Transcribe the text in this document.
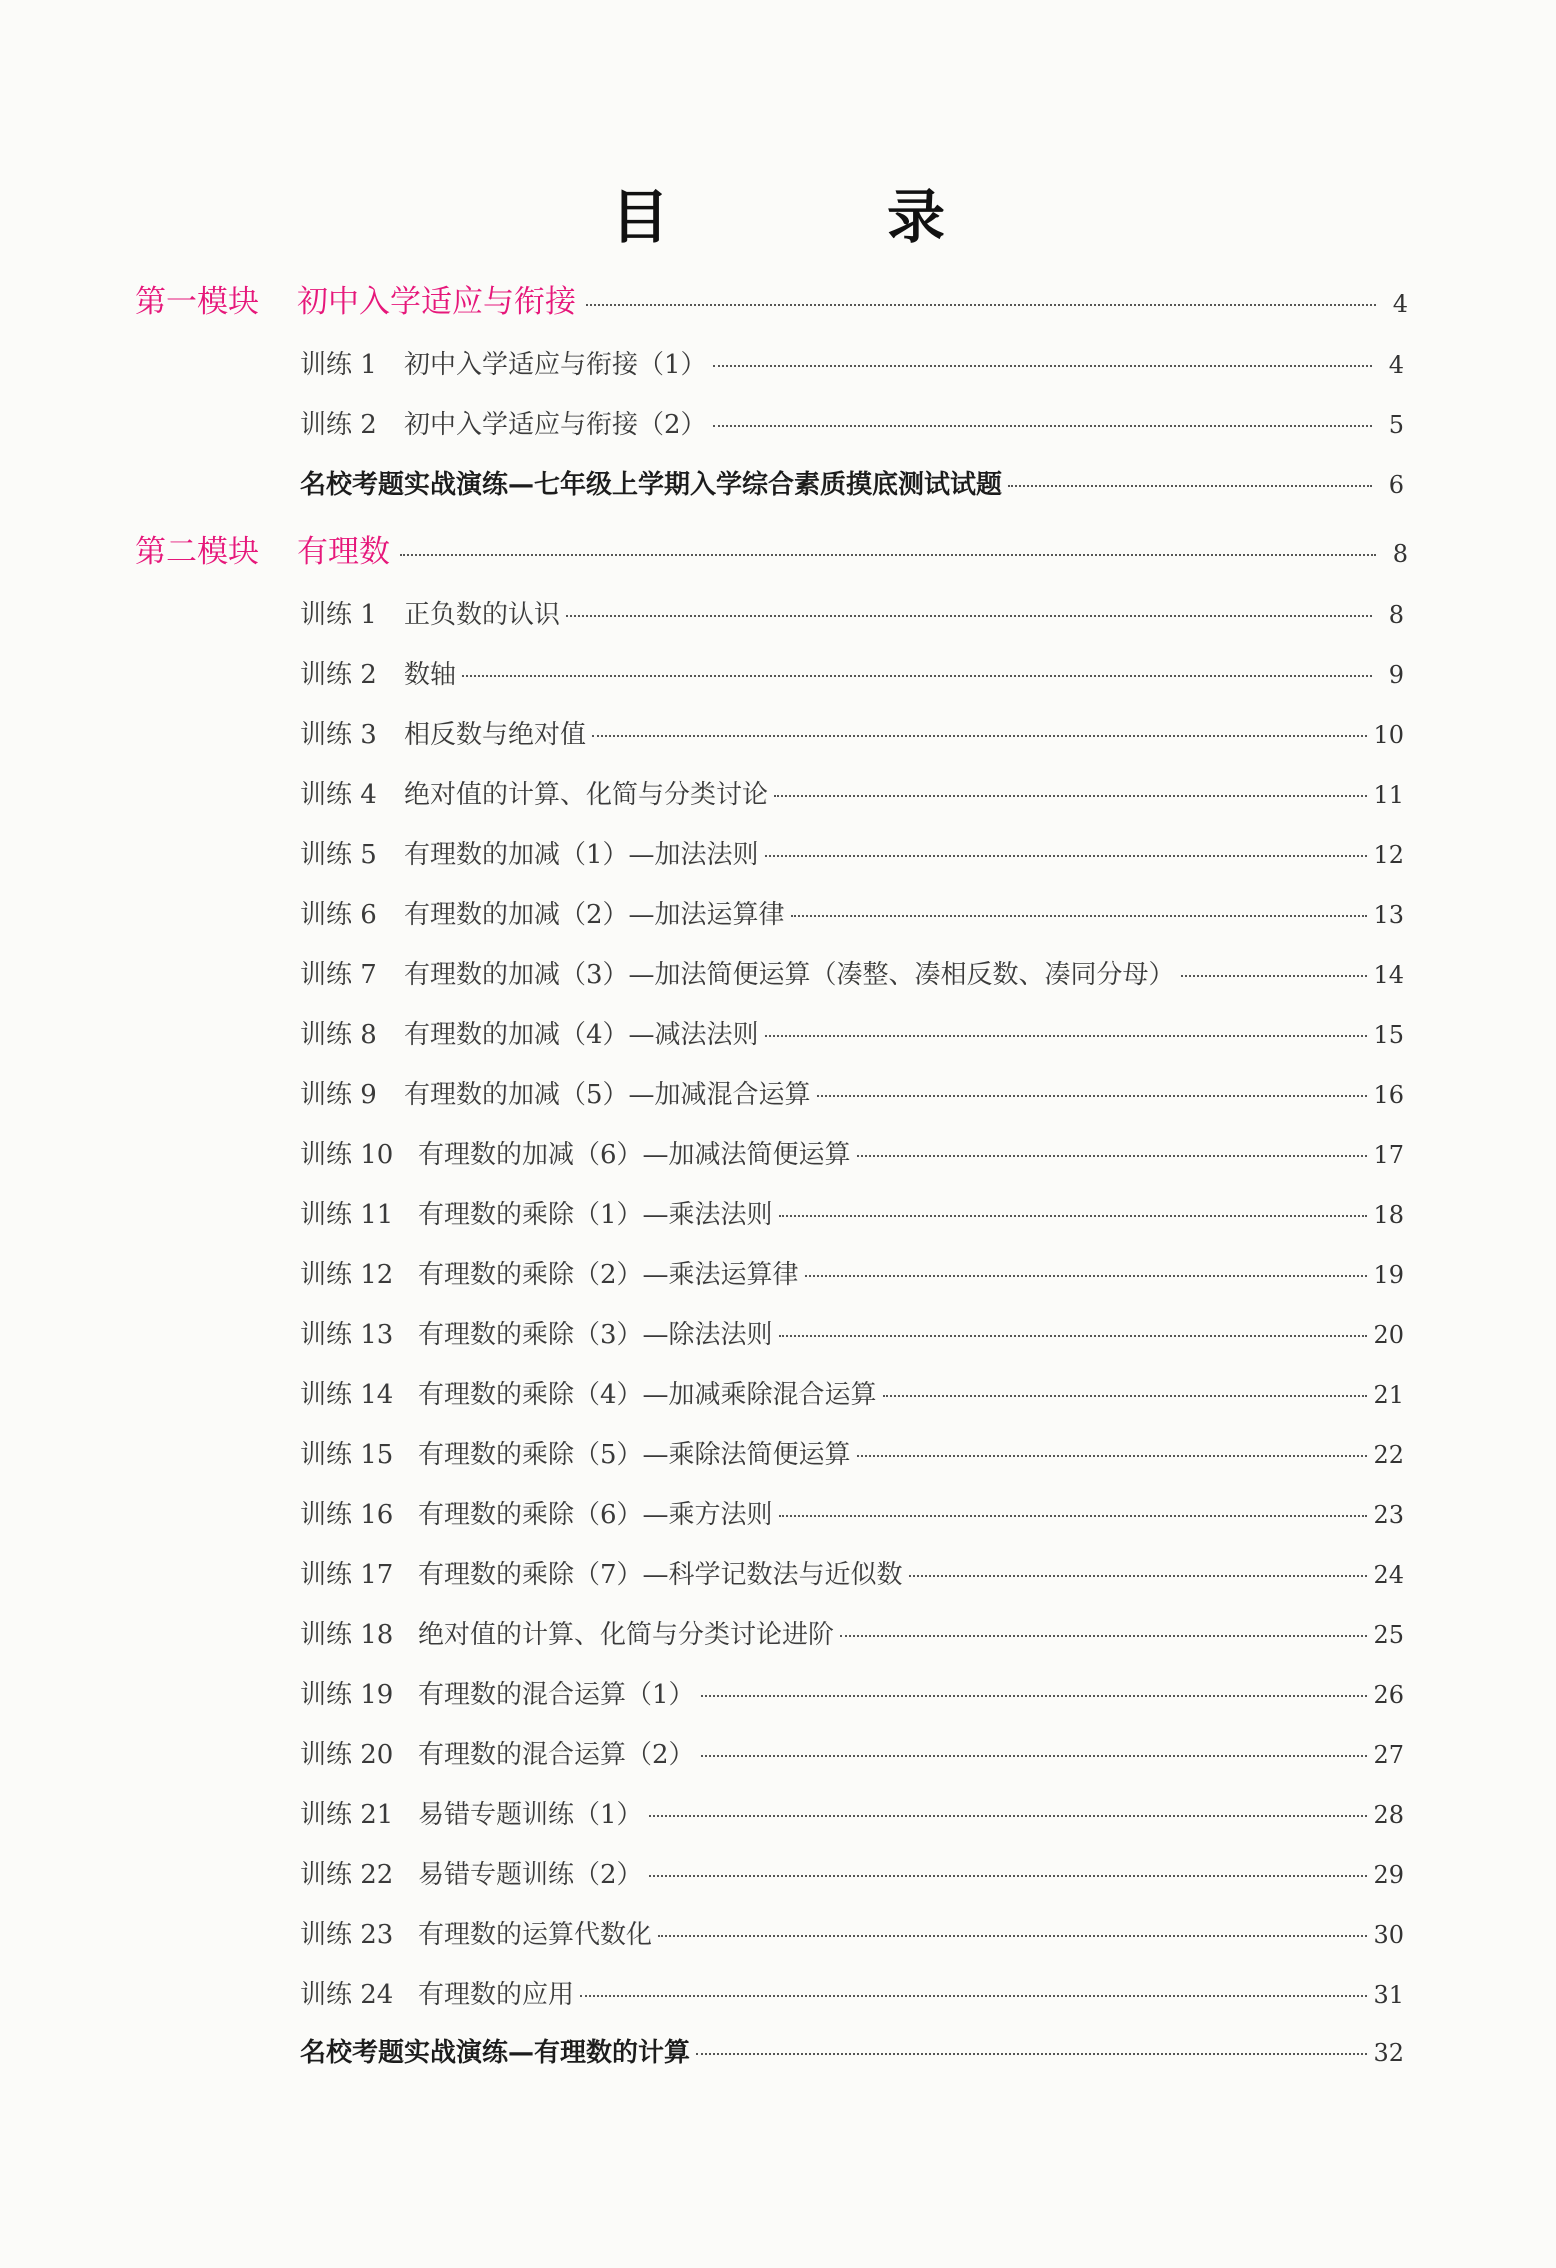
目　录
第一模块	初中入学适应与衔接	4
训练 1	初中入学适应与衔接（1）	4
训练 2	初中入学适应与衔接（2）	5
名校考题实战演练—七年级上学期入学综合素质摸底测试试题	6
第二模块	有理数	8
训练 1	正负数的认识	8
训练 2	数轴	9
训练 3	相反数与绝对值	10
训练 4	绝对值的计算、化简与分类讨论	11
训练 5	有理数的加减（1）—加法法则	12
训练 6	有理数的加减（2）—加法运算律	13
训练 7	有理数的加减（3）—加法简便运算（凑整、凑相反数、凑同分母）	14
训练 8	有理数的加减（4）—减法法则	15
训练 9	有理数的加减（5）—加减混合运算	16
训练 10 有理数的加减（6）—加减法简便运算	17
训练 11 有理数的乘除（1）—乘法法则	18
训练 12 有理数的乘除（2）—乘法运算律	19
训练 13 有理数的乘除（3）—除法法则	20
训练 14 有理数的乘除（4）—加减乘除混合运算	21
训练 15 有理数的乘除（5）—乘除法简便运算	22
训练 16 有理数的乘除（6）—乘方法则	23
训练 17 有理数的乘除（7）—科学记数法与近似数	24
训练 18 绝对值的计算、化简与分类讨论进阶	25
训练 19 有理数的混合运算（1）	26
训练 20 有理数的混合运算（2）	27
训练 21 易错专题训练（1）	28
训练 22 易错专题训练（2）	29
训练 23 有理数的运算代数化	30
训练 24 有理数的应用	31
名校考题实战演练—有理数的计算	32
